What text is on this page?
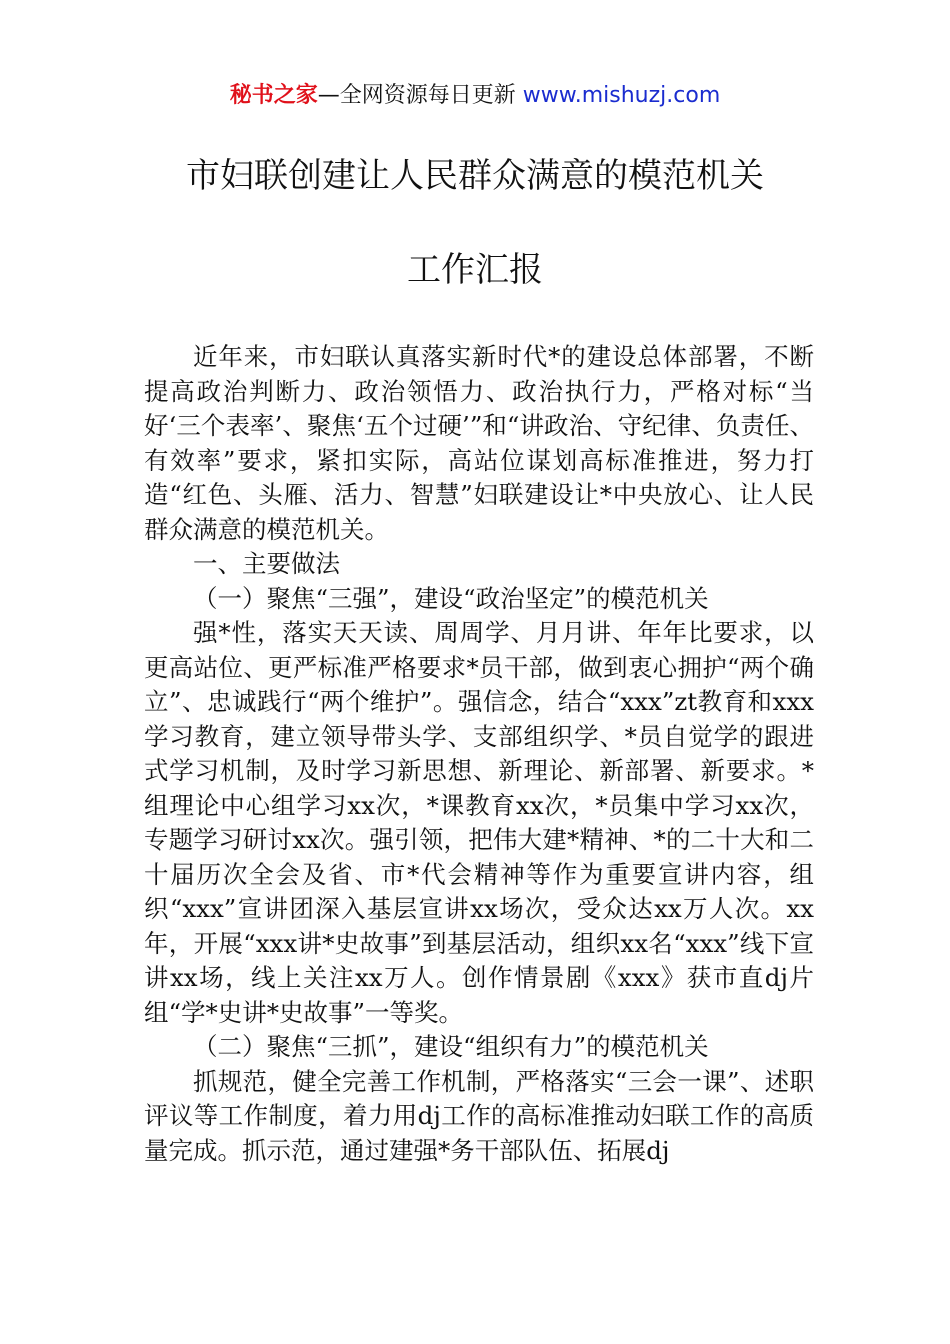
秘书之家—全网资源每日更新 www.mishuzj.com
市妇联创建让人民群众满意的模范机关
工作汇报

近年来，市妇联认真落实新时代*的建设总体部署，不断提高政治判断力、政治领悟力、政治执行力，严格对标“当好‘三个表率’、聚焦‘五个过硬’”和“讲政治、守纪律、负责任、有效率”要求，紧扣实际，高站位谋划高标准推进，努力打造“红色、头雁、活力、智慧”妇联建设让*中央放心、让人民群众满意的模范机关。

一、主要做法

（一）聚焦“三强”，建设“政治坚定”的模范机关

强*性，落实天天读、周周学、月月讲、年年比要求，以更高站位、更严标准严格要求*员干部，做到衷心拥护“两个确立”、忠诚践行“两个维护”。强信念，结合“xxx”zt教育和xxx学习教育，建立领导带头学、支部组织学、*员自觉学的跟进式学习机制，及时学习新思想、新理论、新部署、新要求。*组理论中心组学习xx次，*课教育xx次，*员集中学习xx次，专题学习研讨xx次。强引领，把伟大建*精神、*的二十大和二十届历次全会及省、市*代会精神等作为重要宣讲内容，组织“xxx”宣讲团深入基层宣讲xx场次，受众达xx万人次。xx年，开展“xxx讲*史故事”到基层活动，组织xx名“xxx”线下宣讲xx场，线上关注xx万人。创作情景剧《xxx》获市直dj片组“学*史讲*史故事”一等奖。

（二）聚焦“三抓”，建设“组织有力”的模范机关

抓规范，健全完善工作机制，严格落实“三会一课”、述职评议等工作制度，着力用dj工作的高标准推动妇联工作的高质量完成。抓示范，通过建强*务干部队伍、拓展dj
